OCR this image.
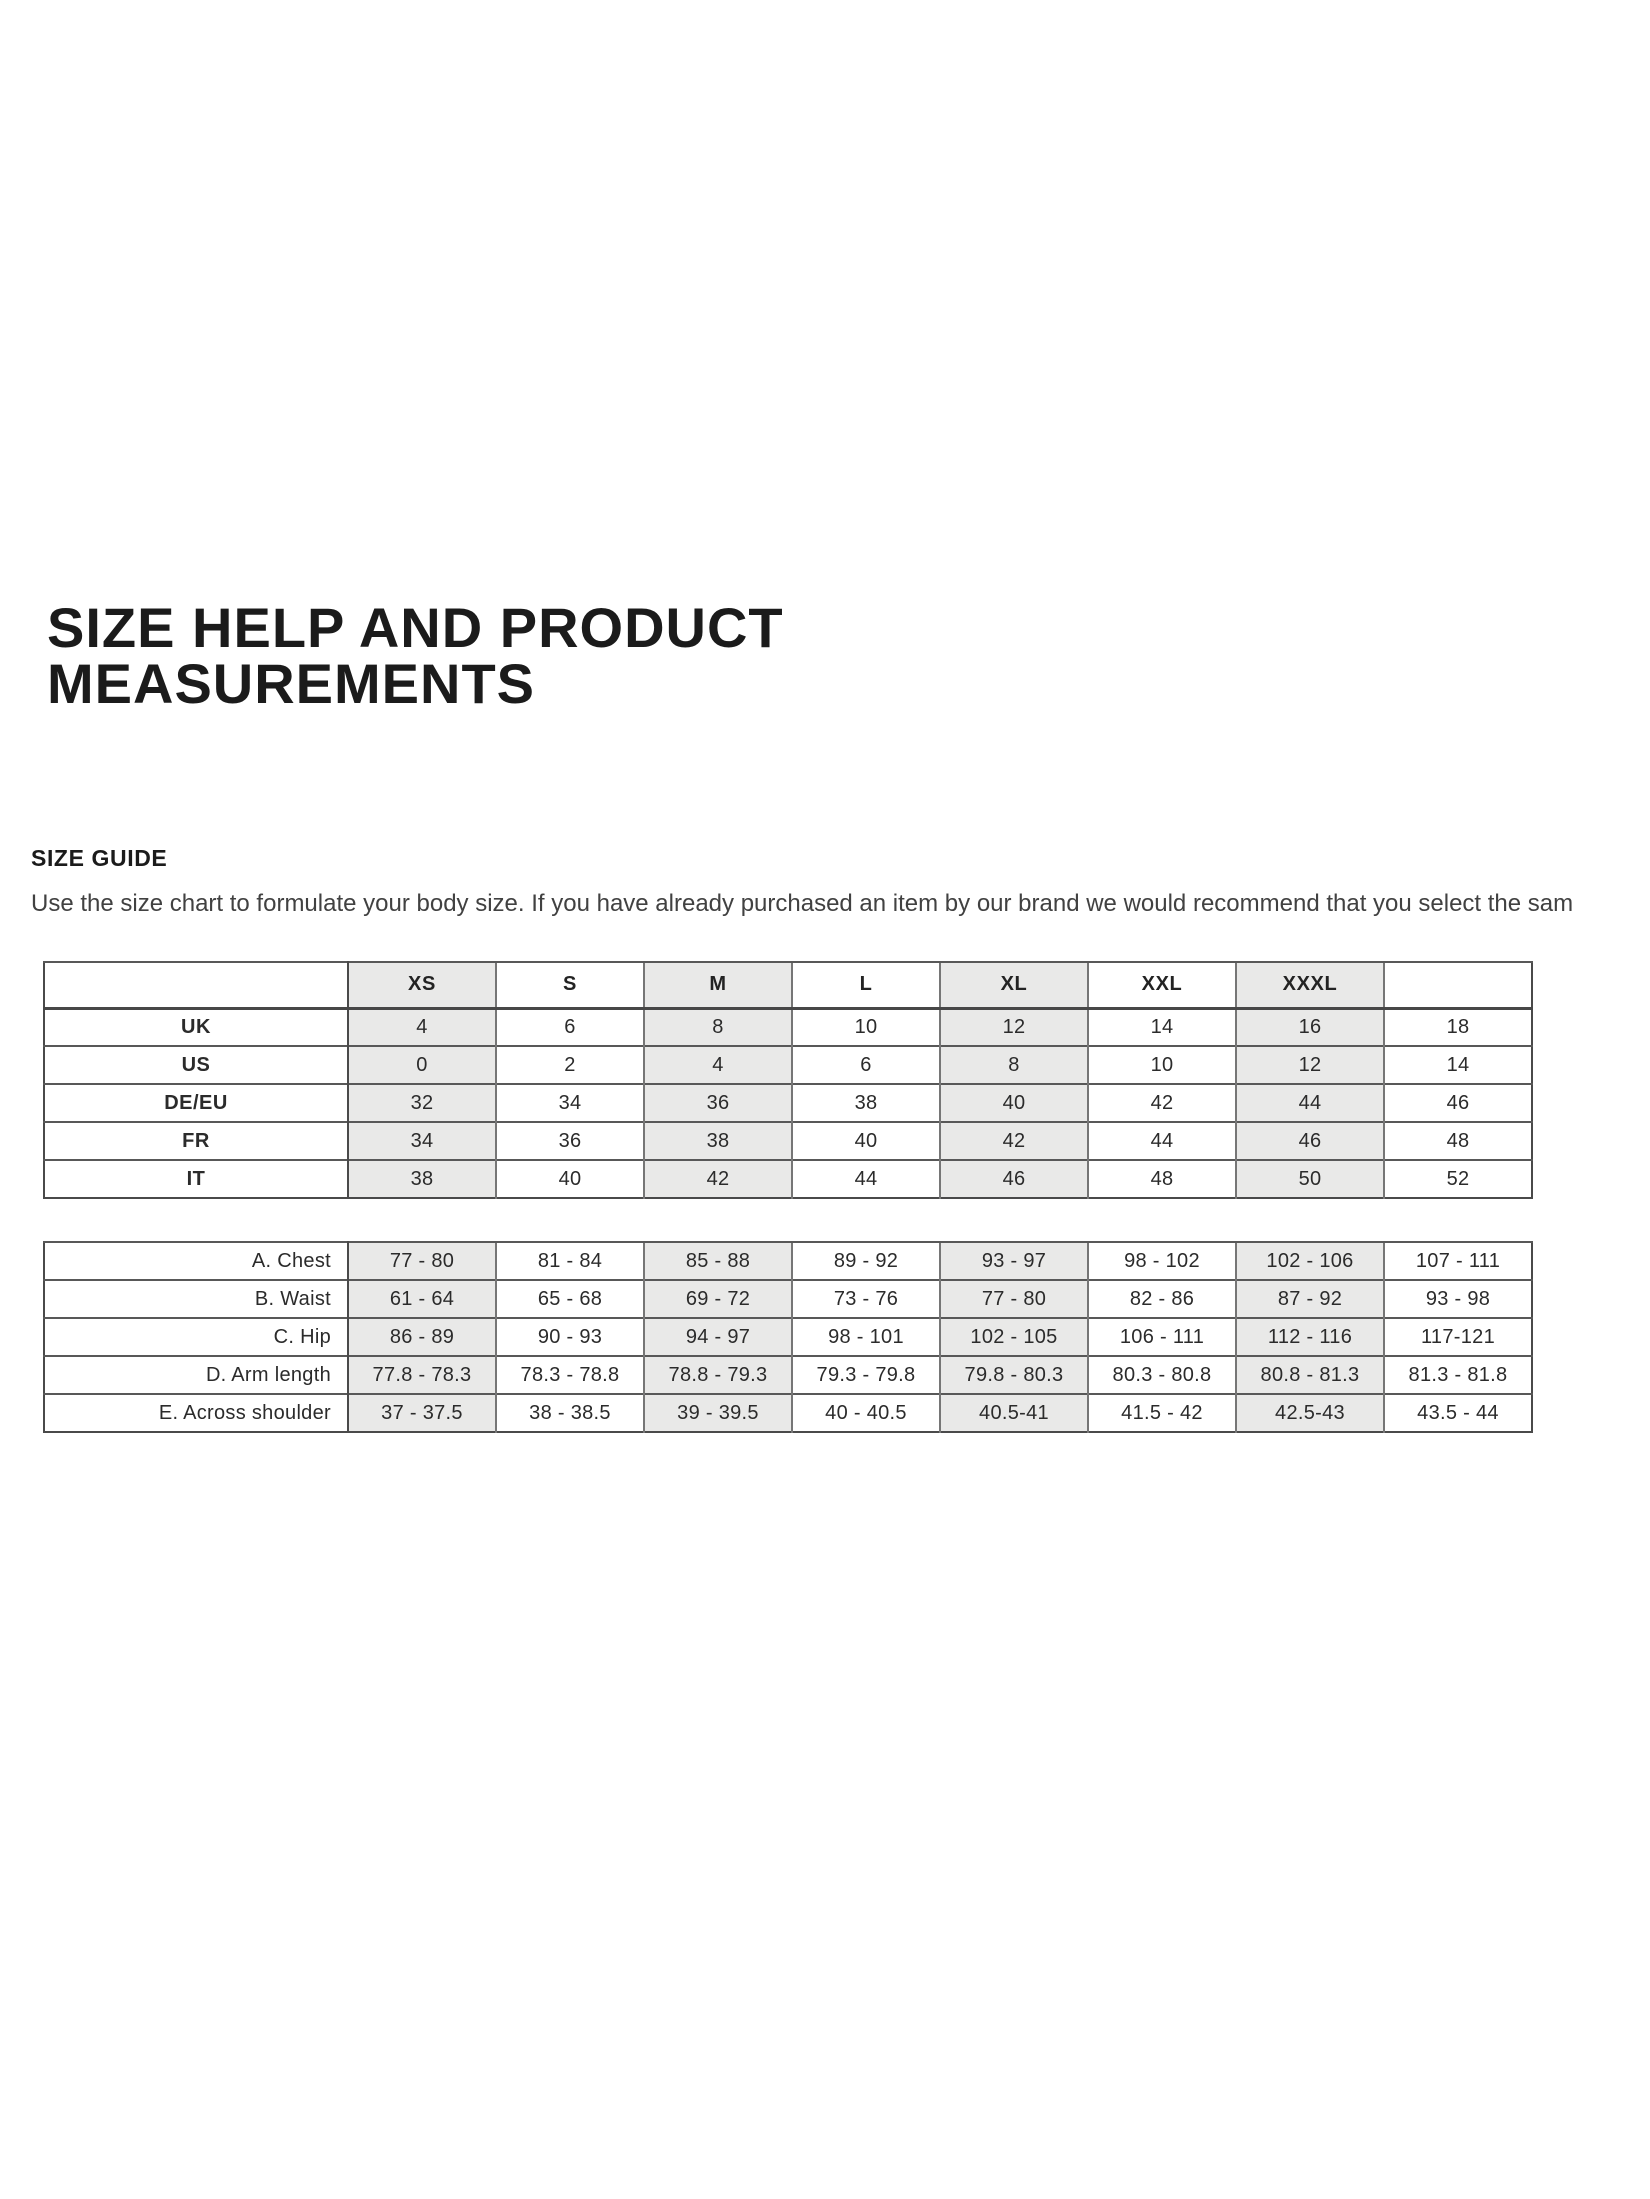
SIZE HELP AND PRODUCT MEASUREMENTS
SIZE GUIDE

Use the size chart to formulate your body size. If you have already purchased an item by our brand we would recommend that you select the sam

	XS	S	M	L	XL	XXL	XXXL	
UK	4	6	8	10	12	14	16	18
US	0	2	4	6	8	10	12	14
DE/EU	32	34	36	38	40	42	44	46
FR	34	36	38	40	42	44	46	48
IT	38	40	42	44	46	48	50	52
A. Chest	77 - 80	81 - 84	85 - 88	89 - 92	93 - 97	98 - 102	102 - 106	107 - 111
B. Waist	61 - 64	65 - 68	69 - 72	73 - 76	77 - 80	82 - 86	87 - 92	93 - 98
C. Hip	86 - 89	90 - 93	94 - 97	98 - 101	102 - 105	106 - 111	112 - 116	117-121
D. Arm length	77.8 - 78.3	78.3 - 78.8	78.8 - 79.3	79.3 - 79.8	79.8 - 80.3	80.3 - 80.8	80.8 - 81.3	81.3 - 81.8
E. Across shoulder	37 - 37.5	38 - 38.5	39 - 39.5	40 - 40.5	40.5-41	41.5 - 42	42.5-43	43.5 - 44
